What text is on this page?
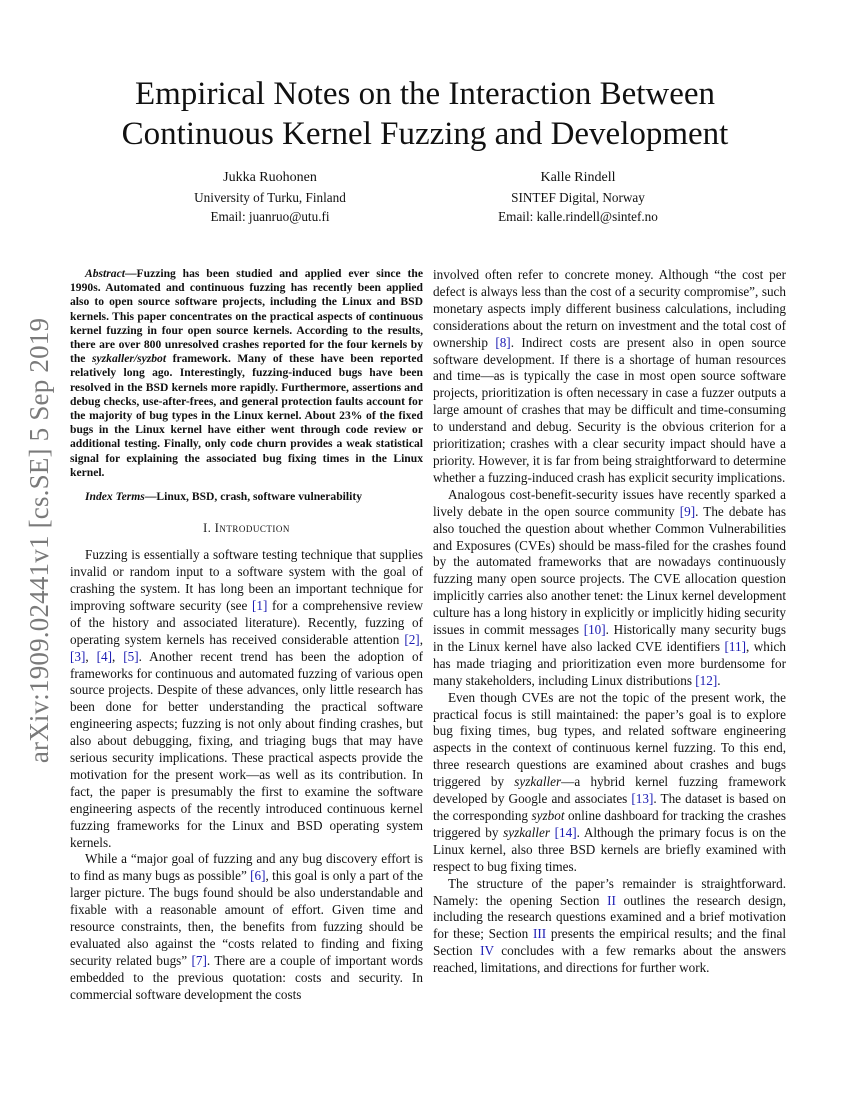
arXiv:1909.02441v1 [cs.SE] 5 Sep 2019
Empirical Notes on the Interaction Between
Continuous Kernel Fuzzing and Development
Jukka Ruohonen
University of Turku, Finland
Email: juanruo@utu.fi
Kalle Rindell
SINTEF Digital, Norway
Email: kalle.rindell@sintef.no

Abstract—Fuzzing has been studied and applied ever since the 1990s. Automated and continuous fuzzing has recently been applied also to open source software projects, including the Linux and BSD kernels. This paper concentrates on the practical aspects of continuous kernel fuzzing in four open source kernels. According to the results, there are over 800 unresolved crashes reported for the four kernels by the syzkaller/syzbot framework. Many of these have been reported relatively long ago. Interestingly, fuzzing-induced bugs have been resolved in the BSD kernels more rapidly. Furthermore, assertions and debug checks, use-after-frees, and general protection faults account for the majority of bug types in the Linux kernel. About 23% of the fixed bugs in the Linux kernel have either went through code review or additional testing. Finally, only code churn provides a weak statistical signal for explaining the associated bug fixing times in the Linux kernel.

Index Terms—Linux, BSD, crash, software vulnerability

I. Introduction

Fuzzing is essentially a software testing technique that supplies invalid or random input to a software system with the goal of crashing the system. It has long been an important technique for improving software security (see [1] for a comprehensive review of the history and associated literature). Recently, fuzzing of operating system kernels has received considerable attention [2], [3], [4], [5]. Another recent trend has been the adoption of frameworks for continuous and automated fuzzing of various open source projects. Despite of these advances, only little research has been done for better understanding the practical software engineering aspects; fuzzing is not only about finding crashes, but also about debugging, fixing, and triaging bugs that may have serious security implications. These practical aspects provide the motivation for the present work—as well as its contribution. In fact, the paper is presumably the first to examine the software engineering aspects of the recently introduced continuous kernel fuzzing frameworks for the Linux and BSD operating system kernels.

While a “major goal of fuzzing and any bug discovery effort is to find as many bugs as possible” [6], this goal is only a part of the larger picture. The bugs found should be also understandable and fixable with a reasonable amount of effort. Given time and resource constraints, then, the benefits from fuzzing should be evaluated also against the “costs related to finding and fixing security related bugs” [7]. There are a couple of important words embedded to the previous quotation: costs and security. In commercial software development the costs

involved often refer to concrete money. Although “the cost per defect is always less than the cost of a security compromise”, such monetary aspects imply different business calculations, including considerations about the return on investment and the total cost of ownership [8]. Indirect costs are present also in open source software development. If there is a shortage of human resources and time—as is typically the case in most open source software projects, prioritization is often necessary in case a fuzzer outputs a large amount of crashes that may be difficult and time-consuming to understand and debug. Security is the obvious criterion for a prioritization; crashes with a clear security impact should have a priority. However, it is far from being straightforward to determine whether a fuzzing-induced crash has explicit security implications.

Analogous cost-benefit-security issues have recently sparked a lively debate in the open source community [9]. The debate has also touched the question about whether Common Vulnerabilities and Exposures (CVEs) should be mass-filed for the crashes found by the automated frameworks that are nowadays continuously fuzzing many open source projects. The CVE allocation question implicitly carries also another tenet: the Linux kernel development culture has a long history in explicitly or implicitly hiding security issues in commit messages [10]. Historically many security bugs in the Linux kernel have also lacked CVE identifiers [11], which has made triaging and prioritization even more burdensome for many stakeholders, including Linux distributions [12].

Even though CVEs are not the topic of the present work, the practical focus is still maintained: the paper’s goal is to explore bug fixing times, bug types, and related software engineering aspects in the context of continuous kernel fuzzing. To this end, three research questions are examined about crashes and bugs triggered by syzkaller—a hybrid kernel fuzzing framework developed by Google and associates [13]. The dataset is based on the corresponding syzbot online dashboard for tracking the crashes triggered by syzkaller [14]. Although the primary focus is on the Linux kernel, also three BSD kernels are briefly examined with respect to bug fixing times.

The structure of the paper’s remainder is straightforward. Namely: the opening Section II outlines the research design, including the research questions examined and a brief motivation for these; Section III presents the empirical results; and the final Section IV concludes with a few remarks about the answers reached, limitations, and directions for further work.
